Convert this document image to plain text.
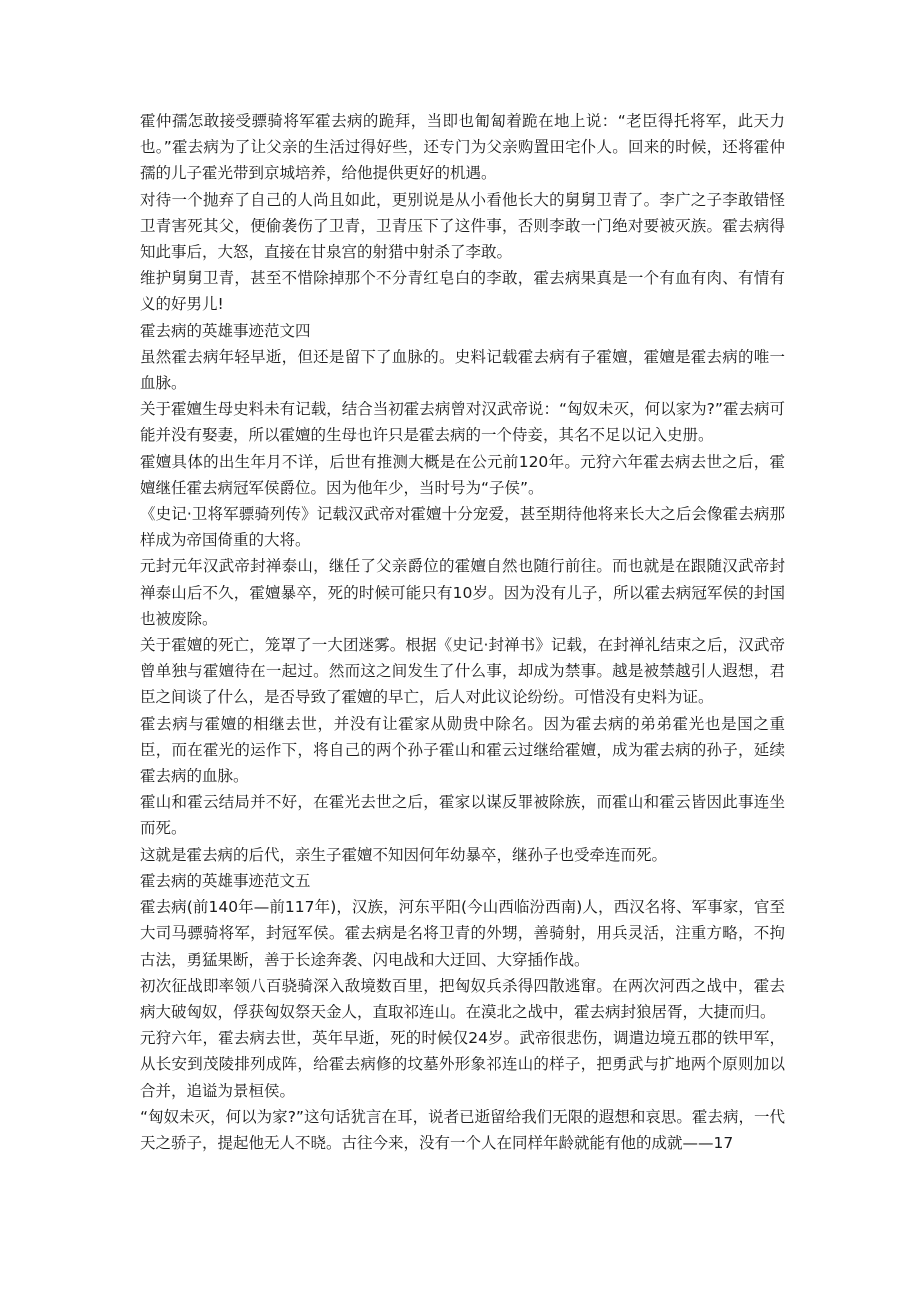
霍仲孺怎敢接受骠骑将军霍去病的跪拜，当即也匍匐着跪在地上说：“老臣得托将军，此天力也。”霍去病为了让父亲的生活过得好些，还专门为父亲购置田宅仆人。回来的时候，还将霍仲孺的儿子霍光带到京城培养，给他提供更好的机遇。

对待一个抛弃了自己的人尚且如此，更别说是从小看他长大的舅舅卫青了。李广之子李敢错怪卫青害死其父，便偷袭伤了卫青，卫青压下了这件事，否则李敢一门绝对要被灭族。霍去病得知此事后，大怒，直接在甘泉宫的射猎中射杀了李敢。

维护舅舅卫青，甚至不惜除掉那个不分青红皂白的李敢，霍去病果真是一个有血有肉、有情有义的好男儿!

霍去病的英雄事迹范文四

虽然霍去病年轻早逝，但还是留下了血脉的。史料记载霍去病有子霍嬗，霍嬗是霍去病的唯一血脉。

关于霍嬗生母史料未有记载，结合当初霍去病曾对汉武帝说：“匈奴未灭，何以家为?”霍去病可能并没有娶妻，所以霍嬗的生母也许只是霍去病的一个侍妾，其名不足以记入史册。

霍嬗具体的出生年月不详，后世有推测大概是在公元前120年。元狩六年霍去病去世之后，霍嬗继任霍去病冠军侯爵位。因为他年少，当时号为“子侯”。

《史记·卫将军骠骑列传》记载汉武帝对霍嬗十分宠爱，甚至期待他将来长大之后会像霍去病那样成为帝国倚重的大将。

元封元年汉武帝封禅泰山，继任了父亲爵位的霍嬗自然也随行前往。而也就是在跟随汉武帝封禅泰山后不久，霍嬗暴卒，死的时候可能只有10岁。因为没有儿子，所以霍去病冠军侯的封国也被废除。

关于霍嬗的死亡，笼罩了一大团迷雾。根据《史记·封禅书》记载，在封禅礼结束之后，汉武帝曾单独与霍嬗待在一起过。然而这之间发生了什么事，却成为禁事。越是被禁越引人遐想，君臣之间谈了什么，是否导致了霍嬗的早亡，后人对此议论纷纷。可惜没有史料为证。

霍去病与霍嬗的相继去世，并没有让霍家从勋贵中除名。因为霍去病的弟弟霍光也是国之重臣，而在霍光的运作下，将自己的两个孙子霍山和霍云过继给霍嬗，成为霍去病的孙子，延续霍去病的血脉。

霍山和霍云结局并不好，在霍光去世之后，霍家以谋反罪被除族，而霍山和霍云皆因此事连坐而死。

这就是霍去病的后代，亲生子霍嬗不知因何年幼暴卒，继孙子也受牵连而死。

霍去病的英雄事迹范文五

霍去病(前140年—前117年)，汉族，河东平阳(今山西临汾西南)人，西汉名将、军事家，官至大司马骠骑将军，封冠军侯。霍去病是名将卫青的外甥，善骑射，用兵灵活，注重方略，不拘古法，勇猛果断，善于长途奔袭、闪电战和大迂回、大穿插作战。

初次征战即率领八百骁骑深入敌境数百里，把匈奴兵杀得四散逃窜。在两次河西之战中，霍去病大破匈奴，俘获匈奴祭天金人，直取祁连山。在漠北之战中，霍去病封狼居胥，大捷而归。

元狩六年，霍去病去世，英年早逝，死的时候仅24岁。武帝很悲伤，调遣边境五郡的铁甲军，从长安到茂陵排列成阵，给霍去病修的坟墓外形象祁连山的样子，把勇武与扩地两个原则加以合并，追谥为景桓侯。

“匈奴未灭，何以为家?”这句话犹言在耳，说者已逝留给我们无限的遐想和哀思。霍去病，一代天之骄子，提起他无人不晓。古往今来，没有一个人在同样年龄就能有他的成就——17
